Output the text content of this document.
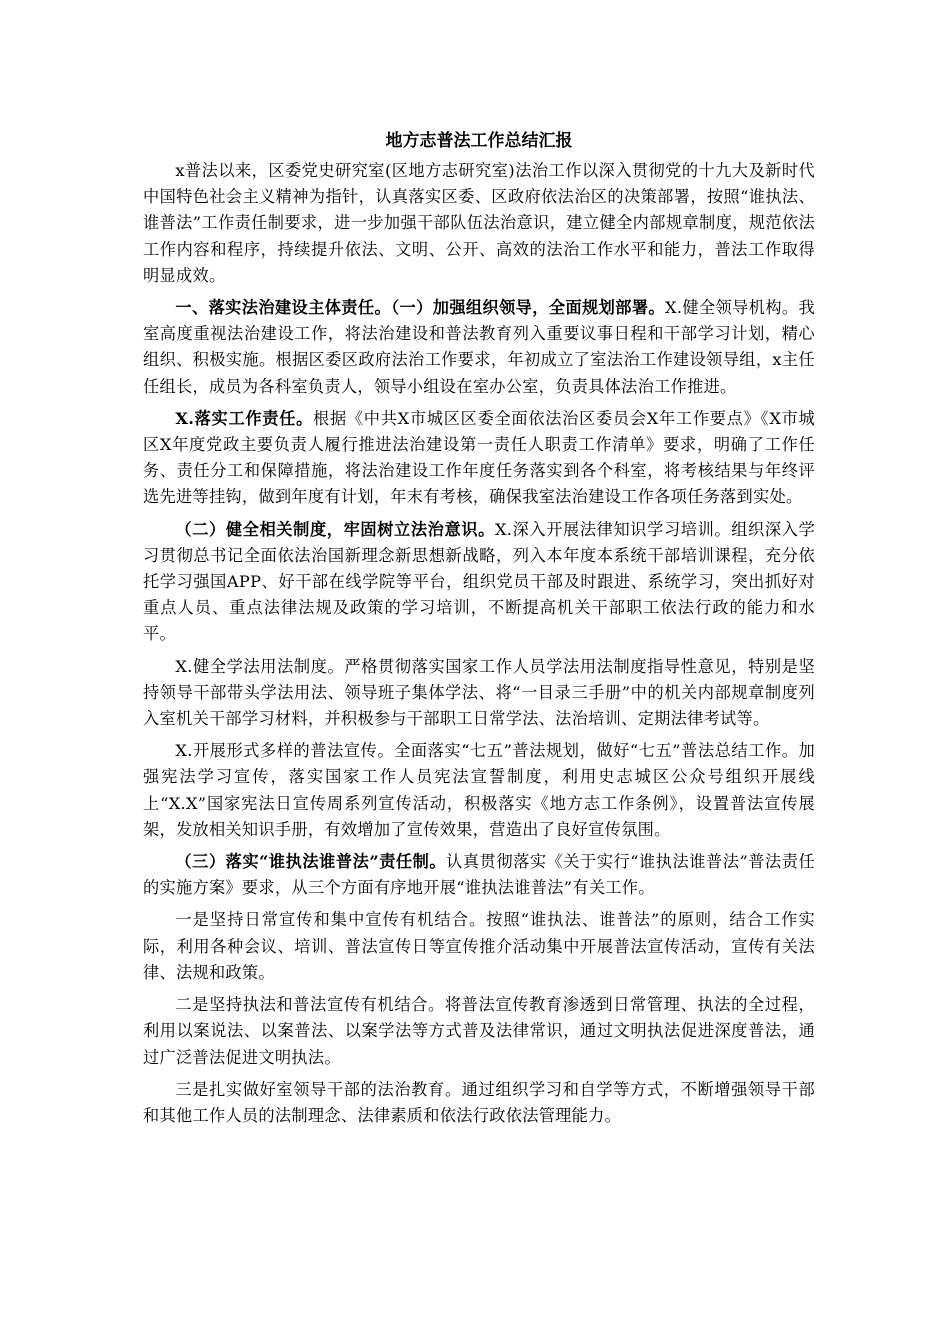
地方志普法工作总结汇报

x普法以来，区委党史研究室(区地方志研究室)法治工作以深入贯彻党的十九大及新时代中国特色社会主义精神为指针，认真落实区委、区政府依法治区的决策部署，按照“谁执法、谁普法”工作责任制要求，进一步加强干部队伍法治意识，建立健全内部规章制度，规范依法工作内容和程序，持续提升依法、文明、公开、高效的法治工作水平和能力，普法工作取得明显成效。

一、落实法治建设主体责任。（一）加强组织领导，全面规划部署。X.健全领导机构。我室高度重视法治建设工作，将法治建设和普法教育列入重要议事日程和干部学习计划，精心组织、积极实施。根据区委区政府法治工作要求，年初成立了室法治工作建设领导组，x主任任组长，成员为各科室负责人，领导小组设在室办公室，负责具体法治工作推进。

X.落实工作责任。根据《中共X市城区区委全面依法治区委员会X年工作要点》《X市城区X年度党政主要负责人履行推进法治建设第一责任人职责工作清单》要求，明确了工作任务、责任分工和保障措施，将法治建设工作年度任务落实到各个科室，将考核结果与年终评选先进等挂钩，做到年度有计划，年末有考核，确保我室法治建设工作各项任务落到实处。

（二）健全相关制度，牢固树立法治意识。X.深入开展法律知识学习培训。组织深入学习贯彻总书记全面依法治国新理念新思想新战略，列入本年度本系统干部培训课程，充分依托学习强国APP、好干部在线学院等平台，组织党员干部及时跟进、系统学习，突出抓好对重点人员、重点法律法规及政策的学习培训，不断提高机关干部职工依法行政的能力和水平。

X.健全学法用法制度。严格贯彻落实国家工作人员学法用法制度指导性意见，特别是坚持领导干部带头学法用法、领导班子集体学法、将“一目录三手册”中的机关内部规章制度列入室机关干部学习材料，并积极参与干部职工日常学法、法治培训、定期法律考试等。

X.开展形式多样的普法宣传。全面落实“七五”普法规划，做好“七五”普法总结工作。加强宪法学习宣传，落实国家工作人员宪法宣誓制度，利用史志城区公众号组织开展线上“X.X”国家宪法日宣传周系列宣传活动，积极落实《地方志工作条例》，设置普法宣传展架，发放相关知识手册，有效增加了宣传效果，营造出了良好宣传氛围。

（三）落实“谁执法谁普法”责任制。认真贯彻落实《关于实行“谁执法谁普法”普法责任的实施方案》要求，从三个方面有序地开展“谁执法谁普法”有关工作。

一是坚持日常宣传和集中宣传有机结合。按照“谁执法、谁普法”的原则，结合工作实际，利用各种会议、培训、普法宣传日等宣传推介活动集中开展普法宣传活动，宣传有关法律、法规和政策。

二是坚持执法和普法宣传有机结合。将普法宣传教育渗透到日常管理、执法的全过程，利用以案说法、以案普法、以案学法等方式普及法律常识，通过文明执法促进深度普法，通过广泛普法促进文明执法。

三是扎实做好室领导干部的法治教育。通过组织学习和自学等方式，不断增强领导干部和其他工作人员的法制理念、法律素质和依法行政依法管理能力。
